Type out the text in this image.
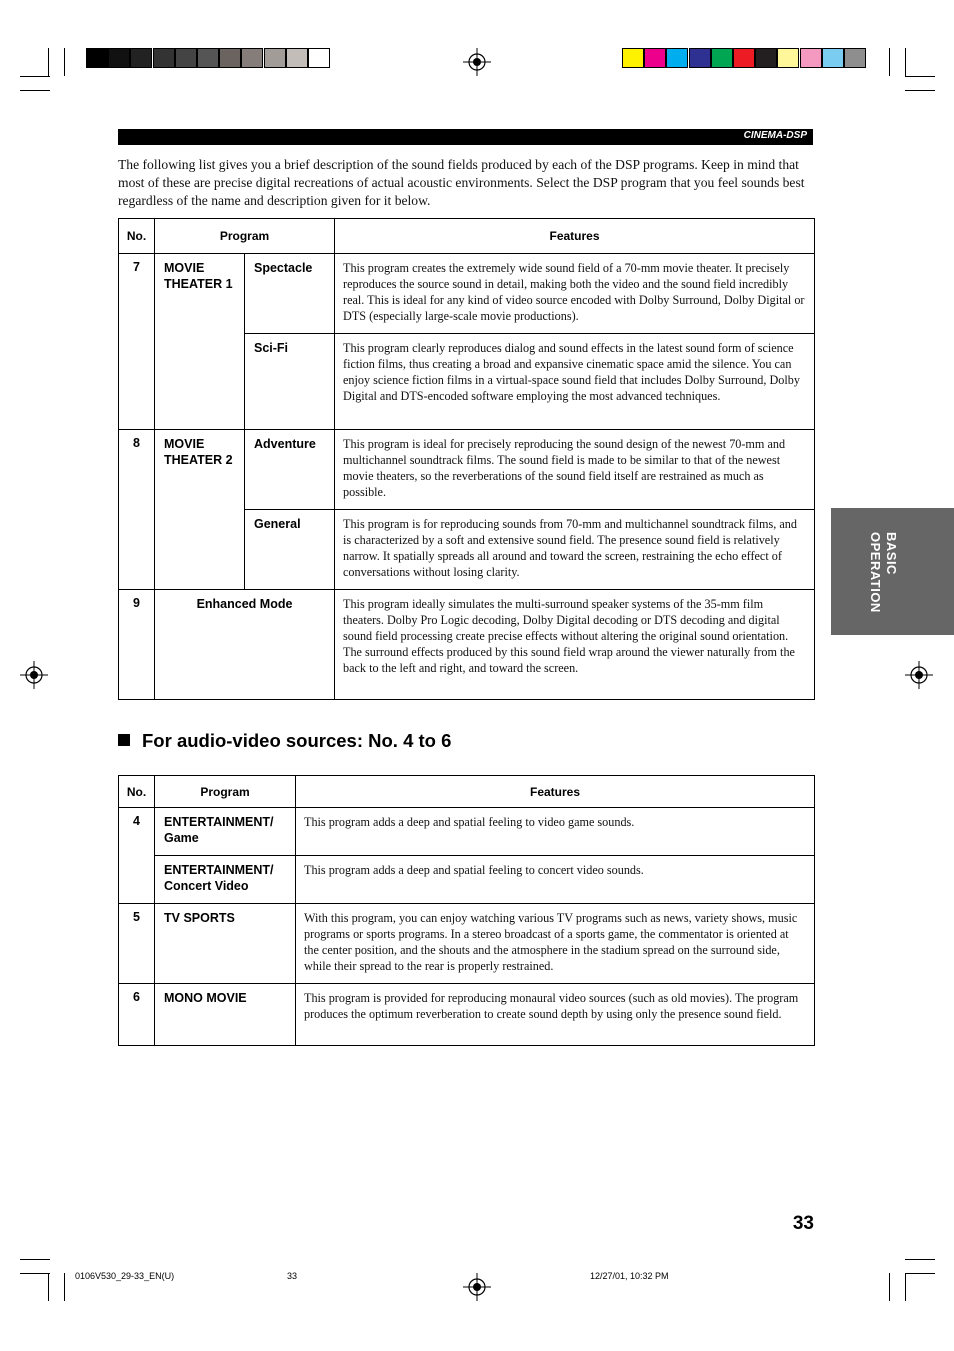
CINEMA-DSP
The following list gives you a brief description of the sound fields produced by each of the DSP programs. Keep in mind that most of these are precise digital recreations of actual acoustic environments. Select the DSP program that you feel sounds best regardless of the name and description given for it below.
No.	Program		Features
7	MOVIE
THEATER 1	Spectacle	This program creates the extremely wide sound field of a 70-mm movie theater. It precisely reproduces the source sound in detail, making both the video and the sound field incredibly real. This is ideal for any kind of video source encoded with Dolby Surround, Dolby Digital or DTS (especially large-scale movie productions).
		Sci-Fi	This program clearly reproduces dialog and sound effects in the latest sound form of science fiction films, thus creating a broad and expansive cinematic space amid the silence. You can enjoy science fiction films in a virtual-space sound field that includes Dolby Surround, Dolby Digital and DTS-encoded software employing the most advanced techniques.
8	MOVIE
THEATER 2	Adventure	This program is ideal for precisely reproducing the sound design of the newest 70-mm and multichannel soundtrack films. The sound field is made to be similar to that of the newest movie theaters, so the reverberations of the sound field itself are restrained as much as possible.
		General	This program is for reproducing sounds from 70-mm and multichannel soundtrack films, and is characterized by a soft and extensive sound field. The presence sound field is relatively narrow. It spatially spreads all around and toward the screen, restraining the echo effect of conversations without losing clarity.
9	Enhanced Mode		This program ideally simulates the multi-surround speaker systems of the 35-mm film theaters. Dolby Pro Logic decoding, Dolby Digital decoding or DTS decoding and digital sound field processing create precise effects without altering the original sound orientation.
The surround effects produced by this sound field wrap around the viewer naturally from the back to the left and right, and toward the screen.
For audio-video sources: No. 4 to 6
No.	Program	Features
4	ENTERTAINMENT/
Game	This program adds a deep and spatial feeling to video game sounds.
	ENTERTAINMENT/
Concert Video	This program adds a deep and spatial feeling to concert video sounds.
5	TV SPORTS	With this program, you can enjoy watching various TV programs such as news, variety shows, music programs or sports programs. In a stereo broadcast of a sports game, the commentator is oriented at the center position, and the shouts and the atmosphere in the stadium spread on the surround side, while their spread to the rear is properly restrained.
6	MONO MOVIE	This program is provided for reproducing monaural video sources (such as old movies). The program produces the optimum reverberation to create sound depth by using only the presence sound field.
BASIC
OPERATION
33
0106V530_29-33_EN(U)	33	12/27/01, 10:32 PM
